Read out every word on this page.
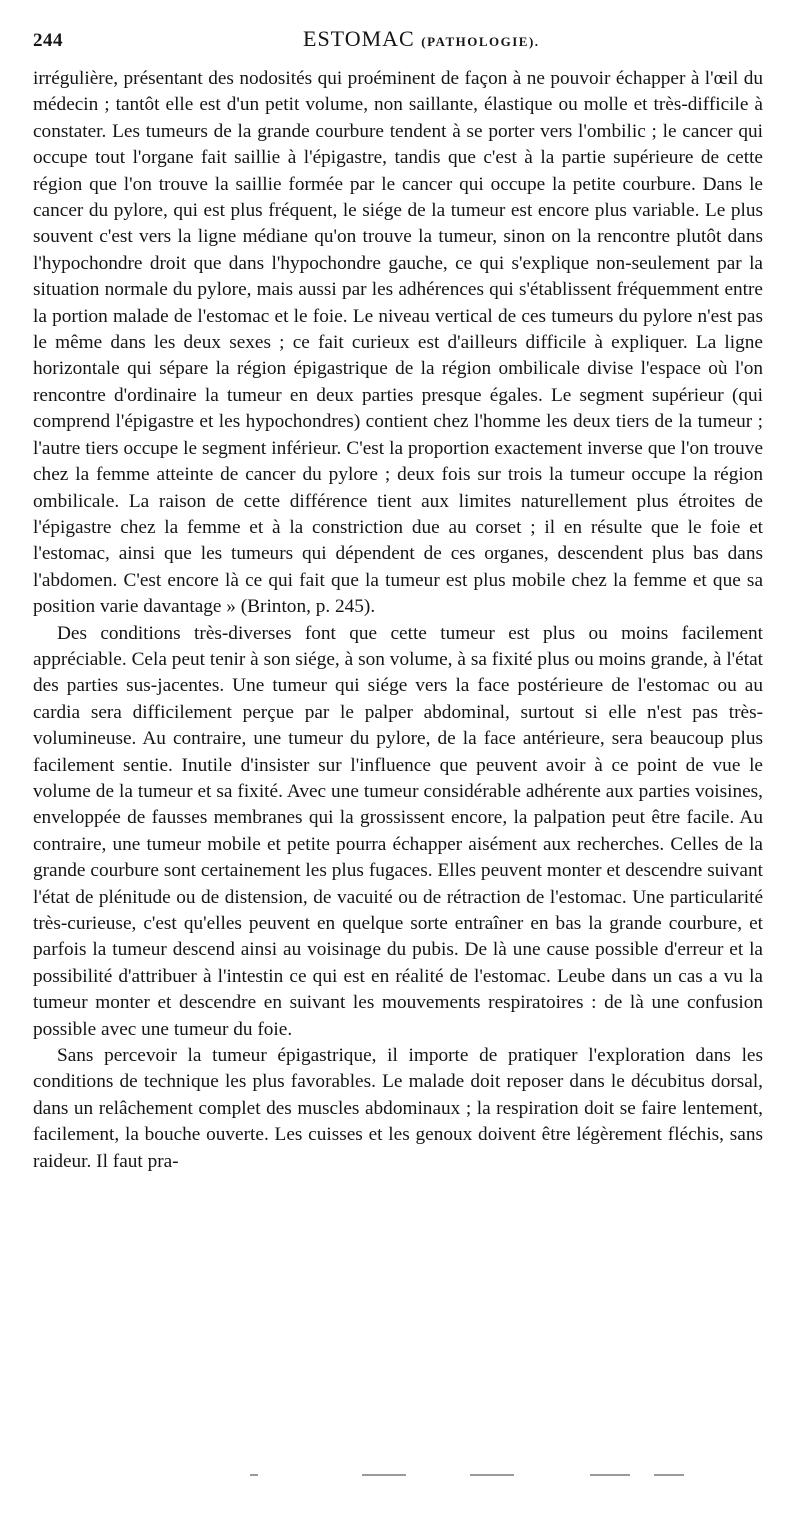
244	ESTOMAC (PATHOLOGIE).

irrégulière, présentant des nodosités qui proéminent de façon à ne pouvoir échapper à l'œil du médecin ; tantôt elle est d'un petit volume, non saillante, élastique ou molle et très-difficile à constater. Les tumeurs de la grande courbure tendent à se porter vers l'ombilic ; le cancer qui occupe tout l'organe fait saillie à l'épigastre, tandis que c'est à la partie supérieure de cette région que l'on trouve la saillie formée par le cancer qui occupe la petite courbure. Dans le cancer du pylore, qui est plus fréquent, le siége de la tumeur est encore plus variable. Le plus souvent c'est vers la ligne médiane qu'on trouve la tumeur, sinon on la rencontre plutôt dans l'hypochondre droit que dans l'hypochondre gauche, ce qui s'explique non-seulement par la situation normale du pylore, mais aussi par les adhérences qui s'établissent fréquemment entre la portion malade de l'estomac et le foie. Le niveau vertical de ces tumeurs du pylore n'est pas le même dans les deux sexes ; ce fait curieux est d'ailleurs difficile à expliquer. La ligne horizontale qui sépare la région épigastrique de la région ombilicale divise l'espace où l'on rencontre d'ordinaire la tumeur en deux parties presque égales. Le segment supérieur (qui comprend l'épigastre et les hypochondres) contient chez l'homme les deux tiers de la tumeur ; l'autre tiers occupe le segment inférieur. C'est la proportion exactement inverse que l'on trouve chez la femme atteinte de cancer du pylore ; deux fois sur trois la tumeur occupe la région ombilicale. La raison de cette différence tient aux limites naturellement plus étroites de l'épigastre chez la femme et à la constriction due au corset ; il en résulte que le foie et l'estomac, ainsi que les tumeurs qui dépendent de ces organes, descendent plus bas dans l'abdomen. C'est encore là ce qui fait que la tumeur est plus mobile chez la femme et que sa position varie davantage » (Brinton, p. 245).

Des conditions très-diverses font que cette tumeur est plus ou moins facilement appréciable. Cela peut tenir à son siége, à son volume, à sa fixité plus ou moins grande, à l'état des parties sus-jacentes. Une tumeur qui siége vers la face postérieure de l'estomac ou au cardia sera difficilement perçue par le palper abdominal, surtout si elle n'est pas très-volumineuse. Au contraire, une tumeur du pylore, de la face antérieure, sera beaucoup plus facilement sentie. Inutile d'insister sur l'influence que peuvent avoir à ce point de vue le volume de la tumeur et sa fixité. Avec une tumeur considérable adhérente aux parties voisines, enveloppée de fausses membranes qui la grossissent encore, la palpation peut être facile. Au contraire, une tumeur mobile et petite pourra échapper aisément aux recherches. Celles de la grande courbure sont certainement les plus fugaces. Elles peuvent monter et descendre suivant l'état de plénitude ou de distension, de vacuité ou de rétraction de l'estomac. Une particularité très-curieuse, c'est qu'elles peuvent en quelque sorte entraîner en bas la grande courbure, et parfois la tumeur descend ainsi au voisinage du pubis. De là une cause possible d'erreur et la possibilité d'attribuer à l'intestin ce qui est en réalité de l'estomac. Leube dans un cas a vu la tumeur monter et descendre en suivant les mouvements respiratoires : de là une confusion possible avec une tumeur du foie.

Sans percevoir la tumeur épigastrique, il importe de pratiquer l'exploration dans les conditions de technique les plus favorables. Le malade doit reposer dans le décubitus dorsal, dans un relâchement complet des muscles abdominaux ; la respiration doit se faire lentement, facilement, la bouche ouverte. Les cuisses et les genoux doivent être légèrement fléchis, sans raideur. Il faut pra-
